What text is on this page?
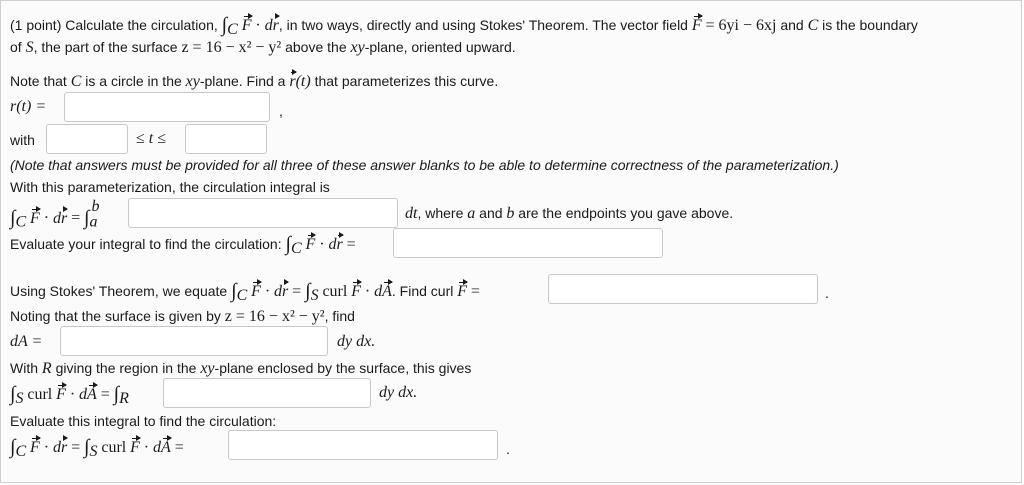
(1 point) Calculate the circulation, $\int_C$ F · dr, in two ways, directly and using Stokes' Theorem. The vector field F = 6yi − 6xj and C is the boundary
of S, the part of the surface z = 16 − x² − y² above the xy-plane, oriented upward.
Note that C is a circle in the xy-plane. Find a r(t) that parameterizes this curve.
r(t) =	,
with	≤ t ≤
(Note that answers must be provided for all three of these answer blanks to be able to determine correctness of the parameterization.)
With this parameterization, the circulation integral is
$\int_C$ F · dr = $\int_a^b$	dt, where a and b are the endpoints you gave above.
Evaluate your integral to find the circulation: $\int_C$ F · dr =
Using Stokes' Theorem, we equate $\int_C$ F · dr = $\int_S$ curl F · dA. Find curl F =	.
Noting that the surface is given by z = 16 − x² − y², find
dA =	dy dx.
With R giving the region in the xy-plane enclosed by the surface, this gives
$\int_S$ curl F · dA = $\int_R$	dy dx.
Evaluate this integral to find the circulation:
$\int_C$ F · dr = $\int_S$ curl F · dA =	.
